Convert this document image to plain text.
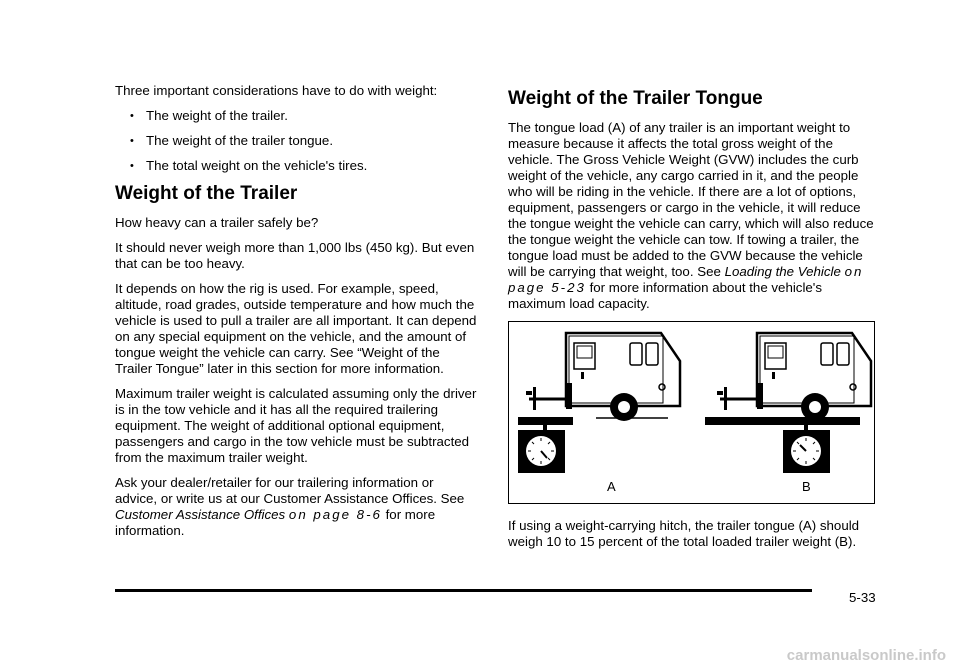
Three important considerations have to do with weight:

• The weight of the trailer.
• The weight of the trailer tongue.
• The total weight on the vehicle's tires.
Weight of the Trailer

How heavy can a trailer safely be?

It should never weigh more than 1,000 lbs (450 kg). But even that can be too heavy.

It depends on how the rig is used. For example, speed, altitude, road grades, outside temperature and how much the vehicle is used to pull a trailer are all important. It can depend on any special equipment on the vehicle, and the amount of tongue weight the vehicle can carry. See “Weight of the Trailer Tongue” later in this section for more information.

Maximum trailer weight is calculated assuming only the driver is in the tow vehicle and it has all the required trailering equipment. The weight of additional optional equipment, passengers and cargo in the tow vehicle must be subtracted from the maximum trailer weight.

Ask your dealer/retailer for our trailering information or advice, or write us at our Customer Assistance Offices. See Customer Assistance Offices on page 8-6 for more information.

Weight of the Trailer Tongue

The tongue load (A) of any trailer is an important weight to measure because it affects the total gross weight of the vehicle. The Gross Vehicle Weight (GVW) includes the curb weight of the vehicle, any cargo carried in it, and the people who will be riding in the vehicle. If there are a lot of options, equipment, passengers or cargo in the vehicle, it will reduce the tongue weight the vehicle can carry, which will also reduce the tongue weight the vehicle can tow. If towing a trailer, the tongue load must be added to the GVW because the vehicle will be carrying that weight, too. See Loading the Vehicle on page 5-23 for more information about the vehicle's maximum load capacity.

A	B

If using a weight-carrying hitch, the trailer tongue (A) should weigh 10 to 15 percent of the total loaded trailer weight (B).

5-33
carmanualsonline.info
